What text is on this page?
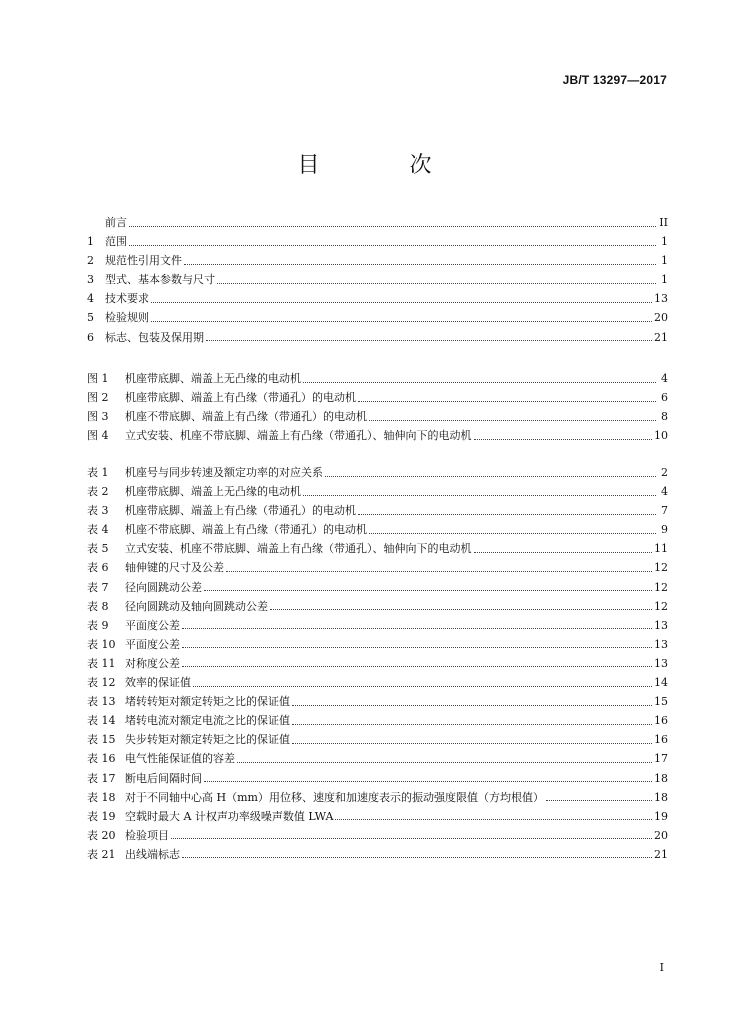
JB/T 13297—2017
目　次
前言	II
1	范围	1
2	规范性引用文件	1
3	型式、基本参数与尺寸	1
4	技术要求	13
5	检验规则	20
6	标志、包装及保用期	21
图 1	机座带底脚、端盖上无凸缘的电动机	4
图 2	机座带底脚、端盖上有凸缘（带通孔）的电动机	6
图 3	机座不带底脚、端盖上有凸缘（带通孔）的电动机	8
图 4	立式安装、机座不带底脚、端盖上有凸缘（带通孔）、轴伸向下的电动机	10
表 1	机座号与同步转速及额定功率的对应关系	2
表 2	机座带底脚、端盖上无凸缘的电动机	4
表 3	机座带底脚、端盖上有凸缘（带通孔）的电动机	7
表 4	机座不带底脚、端盖上有凸缘（带通孔）的电动机	9
表 5	立式安装、机座不带底脚、端盖上有凸缘（带通孔）、轴伸向下的电动机	11
表 6	轴伸键的尺寸及公差	12
表 7	径向圆跳动公差	12
表 8	径向圆跳动及轴向圆跳动公差	12
表 9	平面度公差	13
表 10 平面度公差	13
表 11 对称度公差	13
表 12 效率的保证值	14
表 13 堵转转矩对额定转矩之比的保证值	15
表 14 堵转电流对额定电流之比的保证值	16
表 15 失步转矩对额定转矩之比的保证值	16
表 16 电气性能保证值的容差	17
表 17 断电后间隔时间	18
表 18 对于不同轴中心高 H（mm）用位移、速度和加速度表示的振动强度限值（方均根值）	18
表 19 空载时最大 A 计权声功率级噪声数值 LWA	19
表 20 检验项目	20
表 21 出线端标志	21
I
